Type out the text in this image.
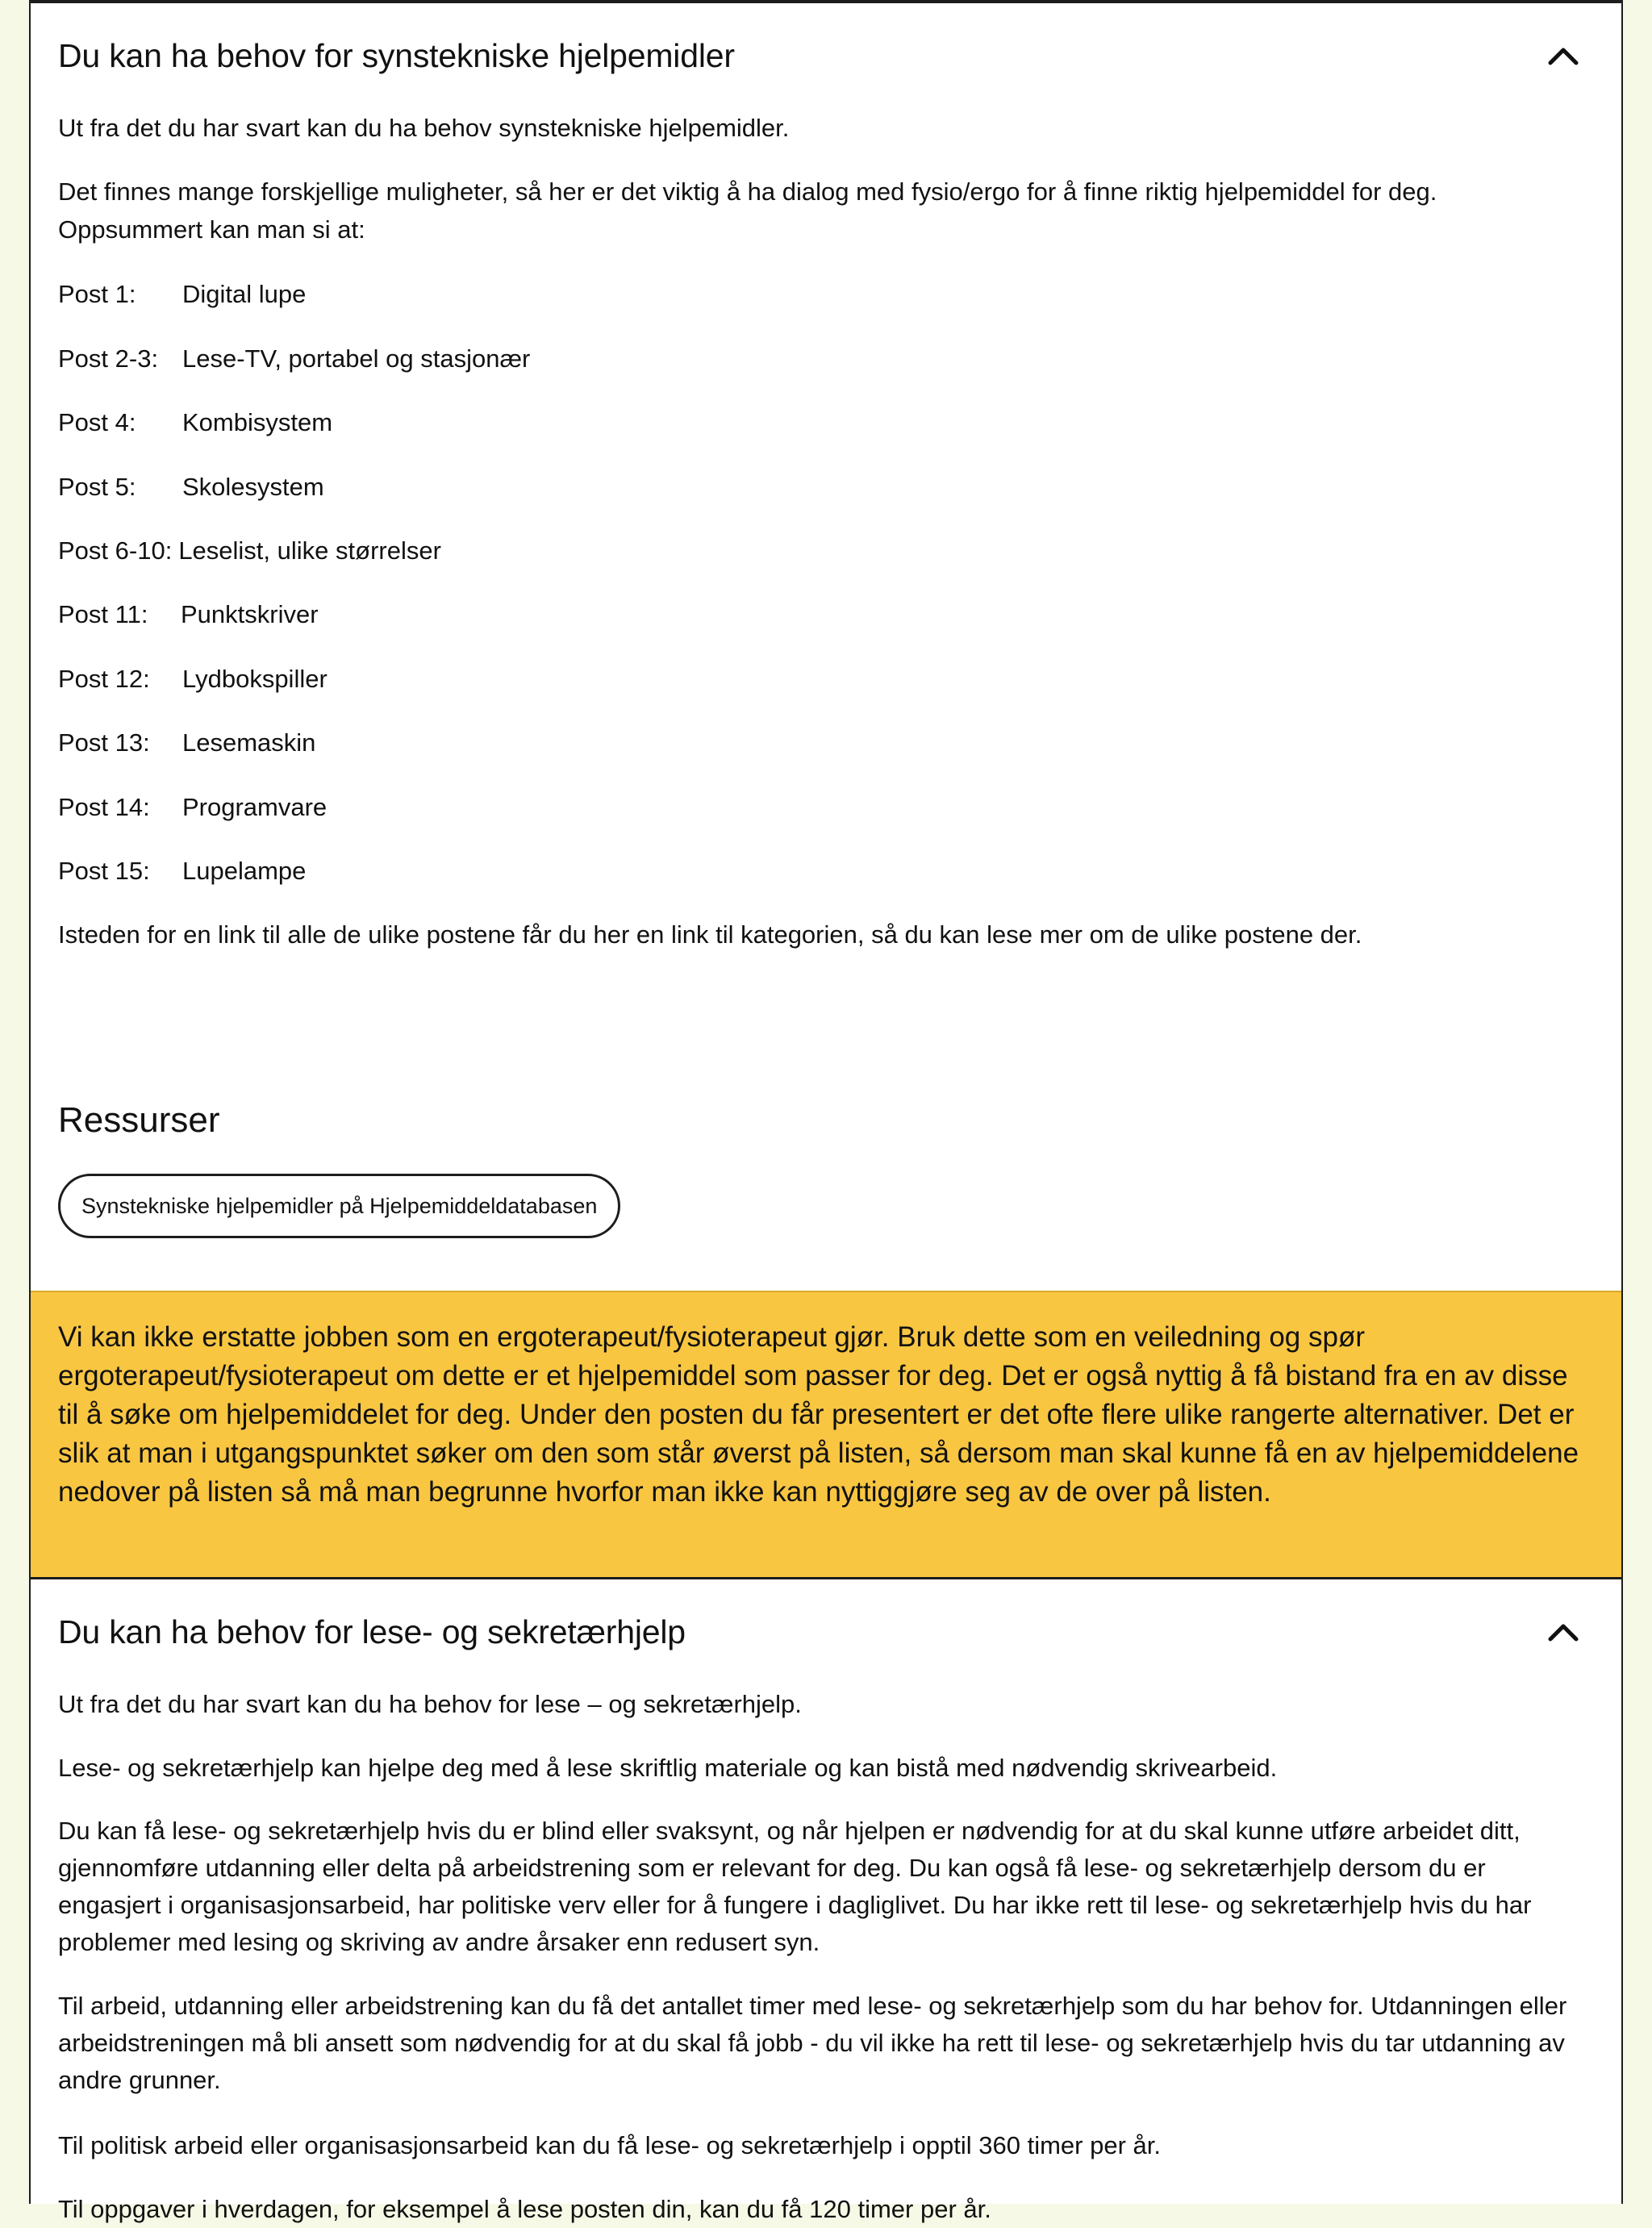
Du kan ha behov for synstekniske hjelpemidler
Ut fra det du har svart kan du ha behov synstekniske hjelpemidler.
Det finnes mange forskjellige muligheter, så her er det viktig å ha dialog med fysio/ergo for å finne riktig hjelpemiddel for deg.
Oppsummert kan man si at:
Post 1:	Digital lupe
Post 2-3: Lese-TV, portabel og stasjonær
Post 4:	Kombisystem
Post 5:	Skolesystem
Post 6-10: Leselist, ulike størrelser
Post 11:	Punktskriver
Post 12:	Lydbokspiller
Post 13:	Lesemaskin
Post 14:	Programvare
Post 15:	Lupelampe
Isteden for en link til alle de ulike postene får du her en link til kategorien, så du kan lese mer om de ulike postene der.
Ressurser
Synstekniske hjelpemidler på Hjelpemiddeldatabasen
Vi kan ikke erstatte jobben som en ergoterapeut/fysioterapeut gjør. Bruk dette som en veiledning og spør ergoterapeut/fysioterapeut om dette er et hjelpemiddel som passer for deg. Det er også nyttig å få bistand fra en av disse til å søke om hjelpemiddelet for deg. Under den posten du får presentert er det ofte flere ulike rangerte alternativer. Det er slik at man i utgangspunktet søker om den som står øverst på listen, så dersom man skal kunne få en av hjelpemiddelene nedover på listen så må man begrunne hvorfor man ikke kan nyttiggjøre seg av de over på listen.
Du kan ha behov for lese- og sekretærhjelp
Ut fra det du har svart kan du ha behov for lese – og sekretærhjelp.
Lese- og sekretærhjelp kan hjelpe deg med å lese skriftlig materiale og kan bistå med nødvendig skrivearbeid.
Du kan få lese- og sekretærhjelp hvis du er blind eller svaksynt, og når hjelpen er nødvendig for at du skal kunne utføre arbeidet ditt, gjennomføre utdanning eller delta på arbeidstrening som er relevant for deg. Du kan også få lese- og sekretærhjelp dersom du er engasjert i organisasjonsarbeid, har politiske verv eller for å fungere i dagliglivet. Du har ikke rett til lese- og sekretærhjelp hvis du har problemer med lesing og skriving av andre årsaker enn redusert syn.
Til arbeid, utdanning eller arbeidstrening kan du få det antallet timer med lese- og sekretærhjelp som du har behov for. Utdanningen eller arbeidstreningen må bli ansett som nødvendig for at du skal få jobb - du vil ikke ha rett til lese- og sekretærhjelp hvis du tar utdanning av andre grunner.
Til politisk arbeid eller organisasjonsarbeid kan du få lese- og sekretærhjelp i opptil 360 timer per år.
Til oppgaver i hverdagen, for eksempel å lese posten din, kan du få 120 timer per år.
